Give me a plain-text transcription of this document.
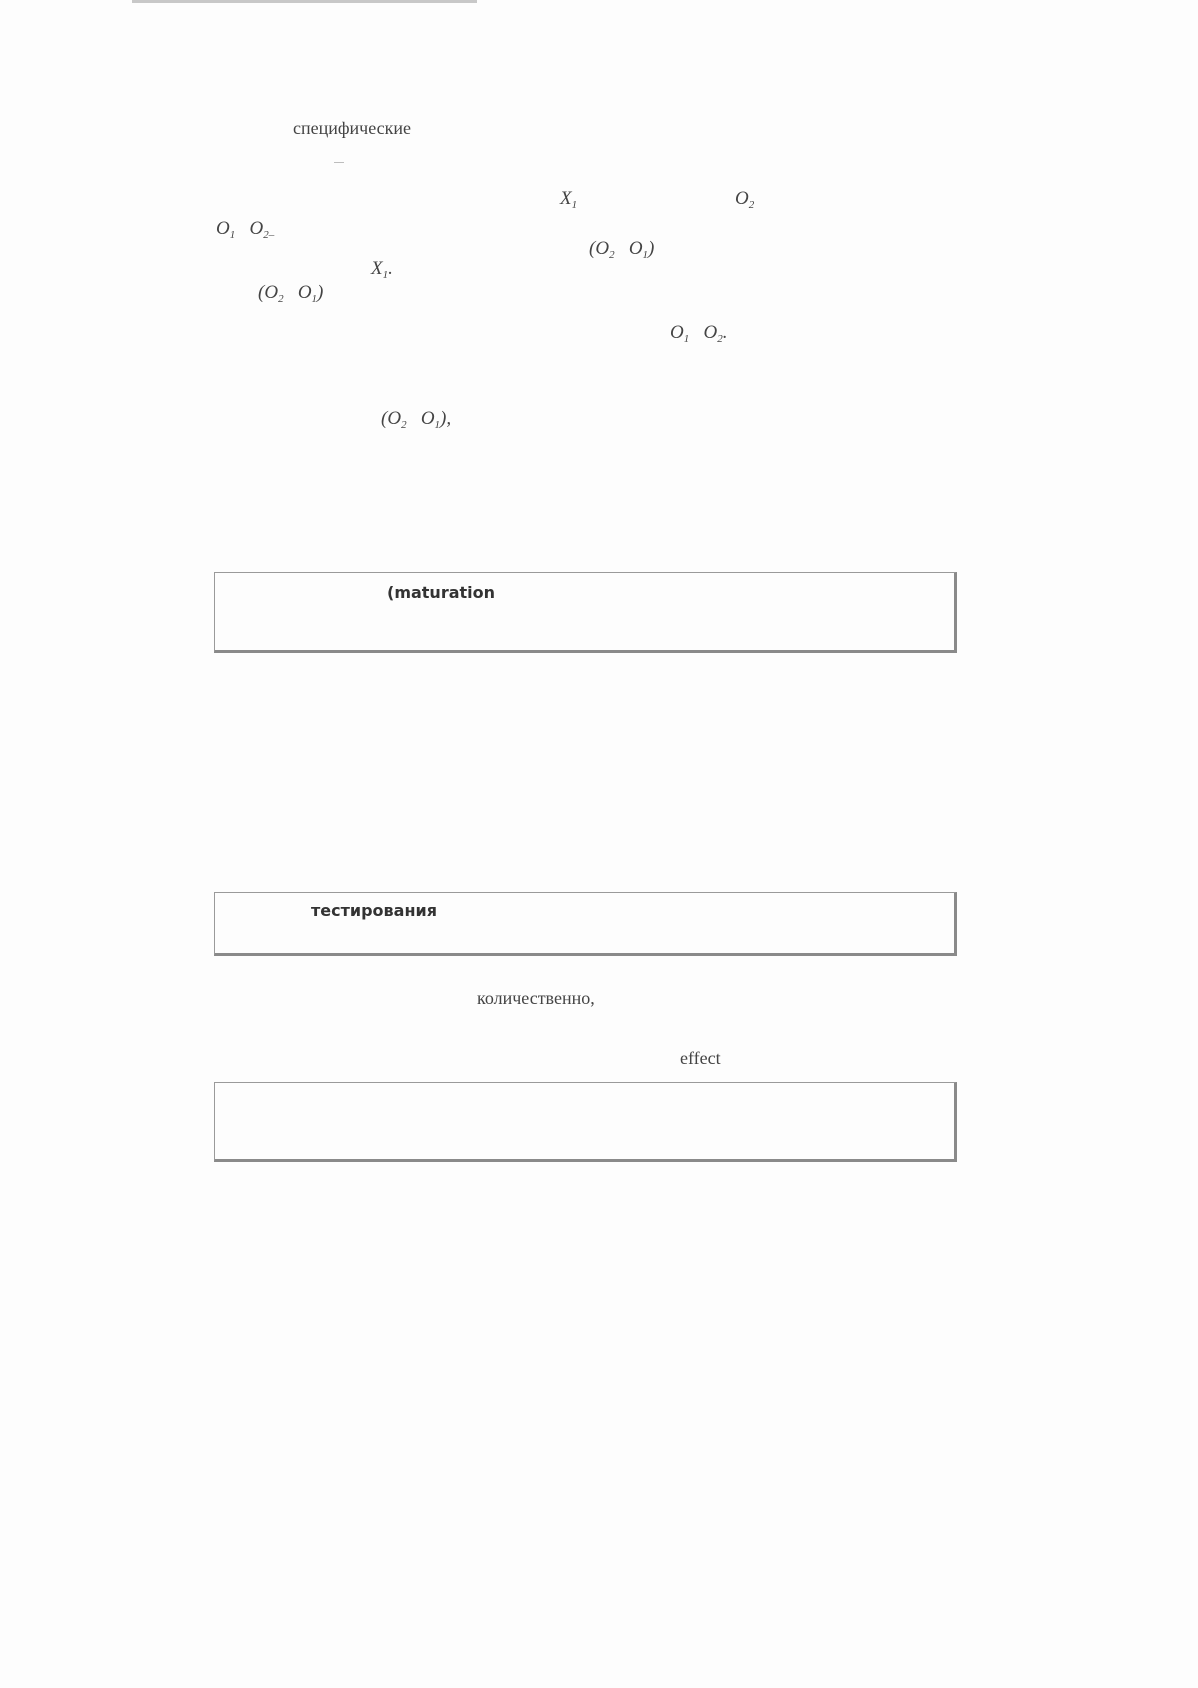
специфические
$X_1$	$O_2$
$O_1$ $O_{2-}$
($O_2$ $O_1$)
$X_1$.
($O_2$ $O_1$)
$O_1$ $O_2$.
($O_2$ $O_1$),
(maturation
тестирования
количественно,
effect
